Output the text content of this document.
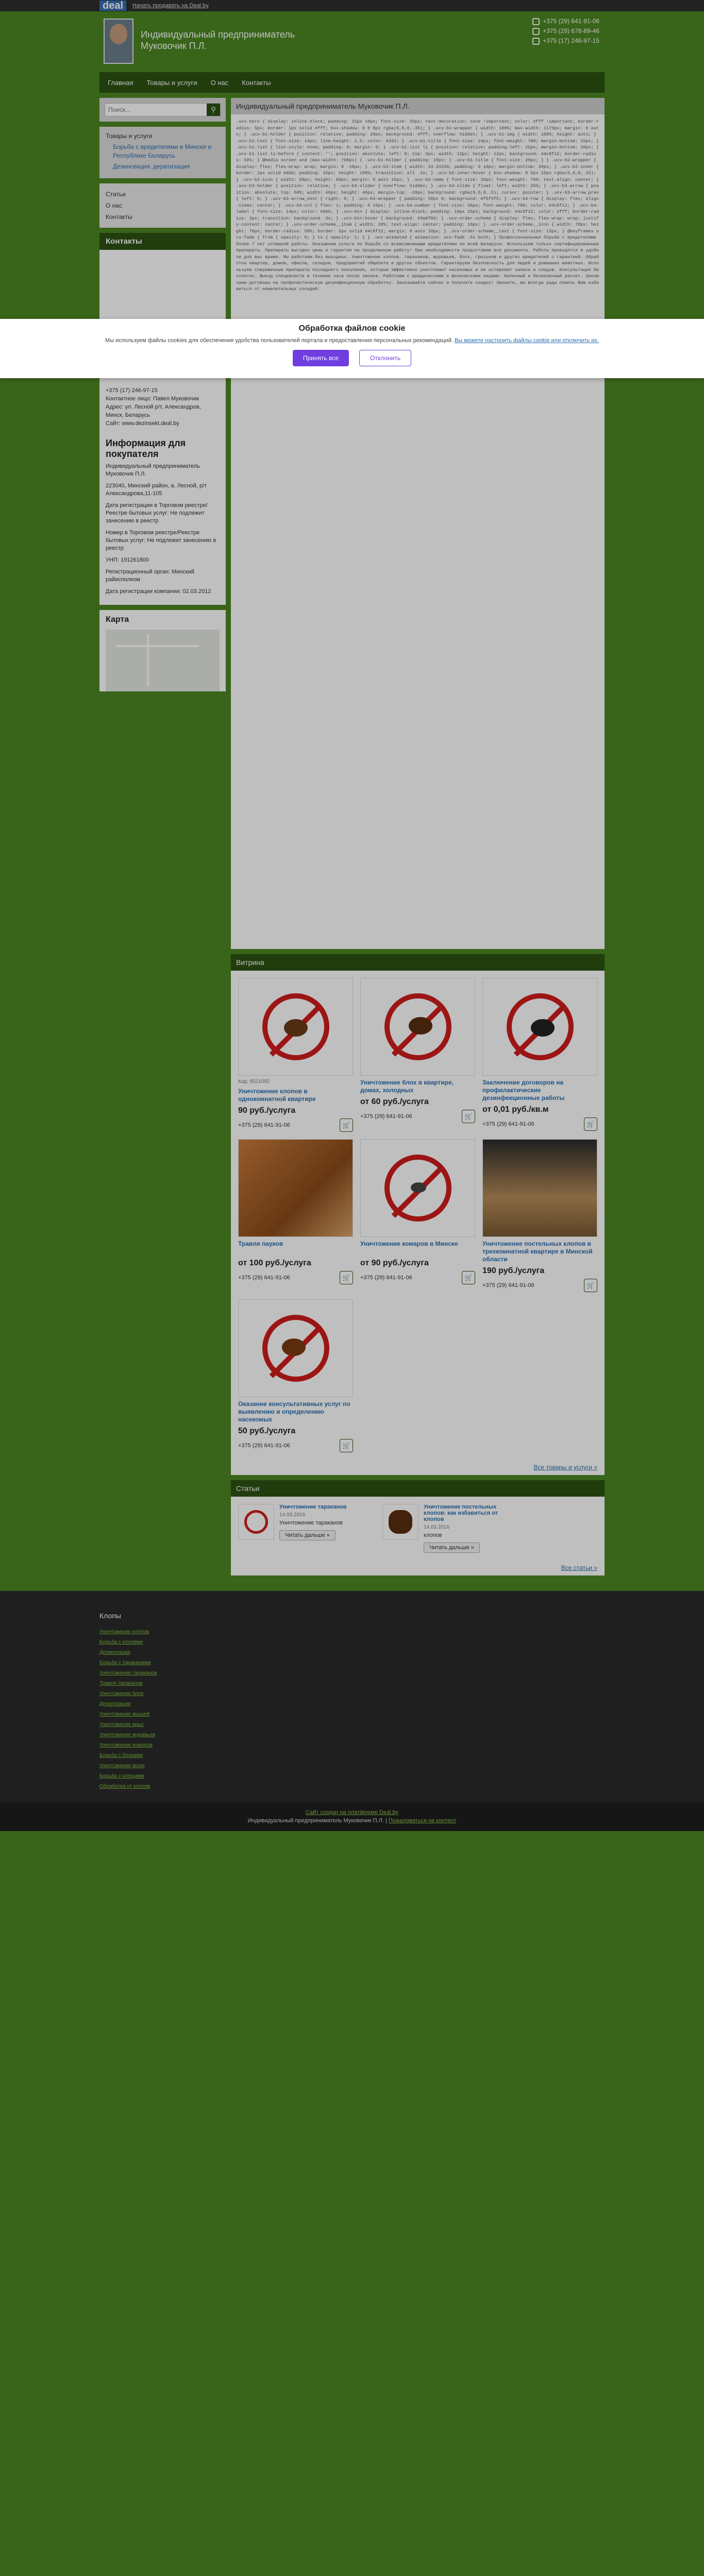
deal	Начать продавать на Deal.by
Индивидуальный предприниматель Муковочик П.Л.
+375 (29) 641-91-06
+375 (29) 678-89-46
+375 (17) 246-97-15
Главная Товары и услуги О нас Контакты
Поиск...
⚲
Товары и услуги
Борьба с вредителями в Минске и Республике Беларусь
Дезинсекция, дератизация
Статьи
О нас
Контакты
Контакты
+375 (17) 246-97-15
Контактное лицо: Павел Муковочик
Адрес: ул. Лесной р/т, Александров, Минск, Беларусь
Сайт: www.dezinsekt.deal.by
Информация для покупателя

Индивидуальный предприниматель Муковочик П.Л.

223040, Минский район, а. Лесной, р/т Александрова,11-105

Дата регистрации в Торговом реестре/Реестре бытовых услуг: Не подлежит занесению в реестр

Номер в Торговом реестре/Реестре бытовых услуг: Не подлежит занесению в реестр

УНП: 191261800

Регистрационный орган: Минский райисполком

Дата регистрации компании: 02.03.2012

Карта
Индивидуальный предприниматель Муковочик П.Л.
.ucv-hero { display: inline-block; padding: 15px 10px; font-size: 20px; text-decoration: none !important; color: #fff !important; border-radius: 5px; border: 1px solid #fff; box-shadow: 0 0 8px rgba(0,0,0,.35); } .ucv-b1-wrapper { width: 100%; max-width: 1170px; margin: 0 auto; } .ucv-b1-holder { position: relative; padding: 20px; background: #fff; overflow: hidden; } .ucv-b1-img { width: 100%; height: auto; } .ucv-b1-text { font-size: 14px; line-height: 1.5; color: #333; } .ucv-b1-title { font-size: 24px; font-weight: 700; margin-bottom: 15px; } .ucv-b1-list { list-style: none; padding: 0; margin: 0; } .ucv-b1-list li { position: relative; padding-left: 25px; margin-bottom: 10px; } .ucv-b1-list li:before { content: ''; position: absolute; left: 0; top: 5px; width: 12px; height: 12px; background: #4c8f12; border-radius: 50%; } @media screen and (max-width: 768px) { .ucv-b1-holder { padding: 10px; } .ucv-b1-title { font-size: 20px; } } .ucv-b2-wrapper { display: flex; flex-wrap: wrap; margin: 0 -10px; } .ucv-b2-item { width: 33.3333%; padding: 0 10px; margin-bottom: 20px; } .ucv-b2-inner { border: 1px solid #ddd; padding: 15px; height: 100%; transition: all .3s; } .ucv-b2-inner:hover { box-shadow: 0 5px 15px rgba(0,0,0,.15); } .ucv-b2-icon { width: 60px; height: 60px; margin: 0 auto 15px; } .ucv-b2-name { font-size: 16px; font-weight: 700; text-align: center; } .ucv-b3-holder { position: relative; } .ucv-b3-slider { overflow: hidden; } .ucv-b3-slide { float: left; width: 25%; } .ucv-b3-arrow { position: absolute; top: 50%; width: 40px; height: 40px; margin-top: -20px; background: rgba(0,0,0,.5); cursor: pointer; } .ucv-b3-arrow_prev { left: 0; } .ucv-b3-arrow_next { right: 0; } .ucv-b4-wrapper { padding: 30px 0; background: #f5f5f5; } .ucv-b4-row { display: flex; align-items: center; } .ucv-b4-col { flex: 1; padding: 0 15px; } .ucv-b4-number { font-size: 36px; font-weight: 700; color: #4c8f12; } .ucv-b4-label { font-size: 14px; color: #666; } .ucv-btn { display: inline-block; padding: 10px 25px; background: #4c8f12; color: #fff; border-radius: 3px; transition: background .3s; } .ucv-btn:hover { background: #3a6f0d; } .ucv-order-scheme { display: flex; flex-wrap: wrap; justify-content: center; } .ucv-order-scheme__item { width: 20%; text-align: center; padding: 10px; } .ucv-order-scheme__icon { width: 70px; height: 70px; border-radius: 50%; border: 2px solid #4c8f12; margin: 0 auto 10px; } .ucv-order-scheme__text { font-size: 13px; } @keyframes ucv-fade { from { opacity: 0; } to { opacity: 1; } } .ucv-animated { animation: ucv-fade .5s both; } Профессиональная борьба с вредителями более 7 лет успешной работы. Оказываем услуги по борьбе со всевозможными вредителями по всей Беларуси. Используем только сертифицированные препараты. Препараты выгодно цены и гарантия на проделанную работу! При необходимости предоставим все документы. Работы проводятся в удобное для вас время. Мы работаем без выходных. Уничтожение клопов, тараканов, муравьев, блох, грызунов и других вредителей с гарантией. Обработка квартир, домов, офисов, складов, предприятий общепита и других объектов. Гарантируем безопасность для людей и домашних животных. Используем современные препараты последнего поколения, которые эффективно уничтожают насекомых и не оставляют запаха и следов. Консультация бесплатно. Выезд специалиста в течение часа после звонка. Работаем с юридическими и физическими лицами. Наличный и безналичный расчет. Заключаем договоры на профилактическую дезинфекционную обработку. Заказывайте сейчас и получите скидку! Звоните, мы всегда рады помочь Вам избавиться от нежелательных соседей.
Витрина
Код: 9521092
Уничтожение клопов в однокомнатной квартире
90 руб./услуга
+375 (29) 641-91-06	🛒
Уничтожение блох в квартире, домах, холодных
от 60 руб./услуга
+375 (29) 641-91-06	🛒
Заключение договоров на профилактические дезинфекционные работы
от 0,01 руб./кв.м
+375 (29) 641-91-06	🛒
Травля пауков
от 100 руб./услуга
+375 (29) 641-91-06	🛒
Уничтожение комаров в Минске
от 90 руб./услуга
+375 (29) 641-91-06	🛒
Уничтожение постельных клопов в трехкомнатной квартире в Минской области
190 руб./услуга
+375 (29) 641-91-06	🛒
Оказание консультативных услуг по выявлению и определению насекомых
50 руб./услуга
+375 (29) 641-91-06	🛒
Все товары и услуги »
Статьи
Уничтожение тараканов
14.03.2016
Уничтожение тараканов
Читать дальше »
Уничтожение постельных клопов: как избавиться от клопов
14.03.2016
клопов
Читать дальше »
Все статьи »
Клопы
Уничтожение клопов
Борьба с клопами
Дезинсекция
Борьба с тараканами
Уничтожение тараканов
Травля тараканов
Уничтожение блох
Дератизация
Уничтожение мышей
Уничтожение крыс
Уничтожение муравьев
Уничтожение комаров
Борьба с блохами
Уничтожение моли
Борьба с клещами
Обработка от клопов
Сайт создан на платформе Deal.by
Индивидуальный предприниматель Муковочик П.Л. | Пожаловаться на контент
Обработка файлов cookie
Мы используем файлы cookies для обеспечения удобства пользователей портала и предоставления персональных рекомендаций. Вы можете настроить файлы cookie или отключить их.
Принять все	Отклонить
